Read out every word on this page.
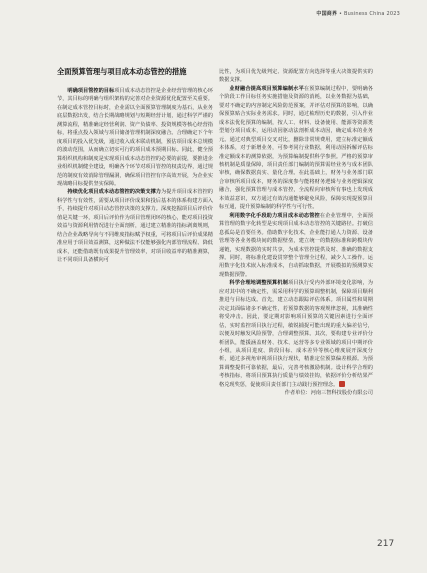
中国商界 • Business China 2023
全面预算管理与项目成本动态管控的措施

明确项目管控的目标项目成本动态管控是企业经营管理的核心环节，其目标的明确与组织架构的完善对企业资源优化配置至关重要。在制定成本管控目标时，企业需以全面预算管理制度为基石，从业务底层数据出发，结合长期战略规划与短期经营计划，通过科学严谨的测算流程，精准确定经营利润、资产负债率、投资规模等核心经营指标，将重点投入领域与项目储备管理机制深度融合。合理确定下个年度项目的投入优先级，通过收入成本联动机制，预估项目成本总规模的波动范围，从而确立切实可行的项目成本预期目标。同此，健全预算组织机构和制度是实现项目成本动态管控的必要的前提，要推进企业组织机制健全建设，明确各个环节对项目管控的权责边界，通过规范的制度有效消除管理漏洞，确保项目管控有序高效开展，为企业实现战略目标提供坚实保障。

持续优化项目成本动态管控的决策支撑力为提升项目成本管控的科学性与有效性，需要从项目评价成果和投后基本的体系构建方面入手，持续提升对项目动态管控决策的支撑力。深度挖掘项目后评价价值是关键一环，项目后评价作为项目管理闭环的核心，能对项目投资效益与资源利用情况进行全面剖析，通过建立精准的指标剥离规则，结合企业战略导向与不同维度指标赋予权重，可将项目后评价成果精准应用于项目效益测算，这种做法不仅能够强化内部管理流程、降低成本，还能借助既有成果提升管理效率，对项目收益率的精准测算，让不同项目具备横向可

比性，为项目优先级判定、资源配置方向选择等重大决策提供实的数据支撑。

业财融合提高项目预算编制水平在预算编制过程中，要明确各个阶段工作目标任务实施措施及资源的消耗，以业务数据为基础，要对不确定的内容制定风险防范预案，并评估对预算的影响，以确保预算贴合实际业务需求。同时，通过梳理历史的数据，引入作业成本法优化预算的编制，按人工、材料、设备使用、能源等资源类型划分项目成本，运用动因驱动法剖析成本动因，确定成本的业务元。通过对典型项目交叉对比，删除非常规费用，建立标准定额成本体系，对于新增业务，可参考同行业数据，利用动因拆解评估标准定额成本的测算依据，为预算编制提供科学参照。严格的预算审核机制是质量保障，项目责任部门编制的预算需经业务与成本团队审核，确保数据真实、量化合理。在此基础上，财务与业务部门联合审核所项目成本，财务的深度参与能将财务逻辑与业务逻辑深度融合，强化预算管理与成本管控，全流程向审核所有事也上发现成本效益意识，双方通过有效沟通能够避免风险，保障实现提预算目标互通，提升预算编制的科学性与可行性。

利用数字化手段助力项目成本动态管控在企业管理中，全面预算管理的数字化转型是实现项目成本动态管控的关键路径。打破信息孤岛是首要任务。借助数字化技术，企业能打通人力资源、设备管理等各业务模块间的数据壁垒，建立统一的数据标准和跨模块传递链，实现数据的实时共享，为成本管控提供及时、准确的数据支撑。同时，将标准化建设贯穿整个管理全过程，减少人工操作。运用数字化技术嵌入标准成本，自动抓取数据，开展模拟的预测算实现数据预警。

科学合理地调整预算机制项目执行受内外部环境变化影响，为应对其中的不确定性，需采用科学的预算调整机制，保障项目顺利推进与目标达成。首先，建立动态跟踪评估体系。项目属性和周期决定其面临诸多不确定性，若预算数据的客观规律忽视，其准确性将受冲击。因此，要定期对影响项目预算的关键因素进行全面评估，实时监控项目执行过程，敏锐捕捉可能出现的重大偏差信号，以便及时触发风险预警，合理调整预算。其次，要构建专业评价分析团队，能援涵盖财务、技术、运营等多专业领域的项目中期评价小组，从项目进度、阶段目标、成本差异等核心维度展开深度分析，通过多视角审视项目执行现状，精准定位预算偏差根源。为预算调整提供可靠依据，最后，完善考核激励机制。设计科学合理的考核指标，将项目预算执行质量与绩效挂钩，依据评价分析结果严格兑现奖惩，促使项目责任部门主动践行预控理念。

作者单位：河南三智科技股份有限公司

217
